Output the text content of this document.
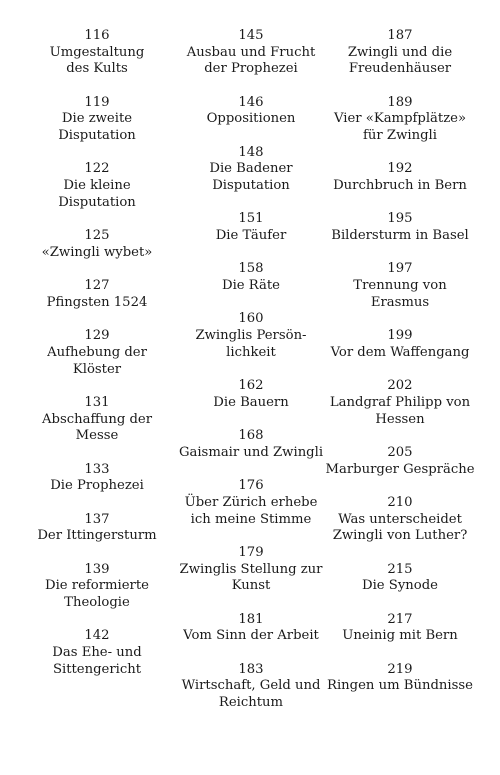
116
Umgestaltung
des Kults
119
Die zweite
Disputation
122
Die kleine
Disputation
125
«Zwingli wybet»
127
Pfingsten 1524
129
Aufhebung der
Klöster
131
Abschaffung der
Messe
133
Die Prophezei
137
Der Ittingersturm
139
Die reformierte
Theologie
142
Das Ehe- und
Sittengericht
145
Ausbau und Frucht
der Prophezei
146
Oppositionen
148
Die Badener
Disputation
151
Die Täufer
158
Die Räte
160
Zwinglis Persön-
lichkeit
162
Die Bauern
168
Gaismair und Zwingli
176
Über Zürich erhebe
ich meine Stimme
179
Zwinglis Stellung zur
Kunst
181
Vom Sinn der Arbeit
183
Wirtschaft, Geld und
Reichtum
187
Zwingli und die
Freudenhäuser
189
Vier «Kampfplätze»
für Zwingli
192
Durchbruch in Bern
195
Bildersturm in Basel
197
Trennung von
Erasmus
199
Vor dem Waffengang
202
Landgraf Philipp von
Hessen
205
Marburger Gespräche
210
Was unterscheidet
Zwingli von Luther?
215
Die Synode
217
Uneinig mit Bern
219
Ringen um Bündnisse
